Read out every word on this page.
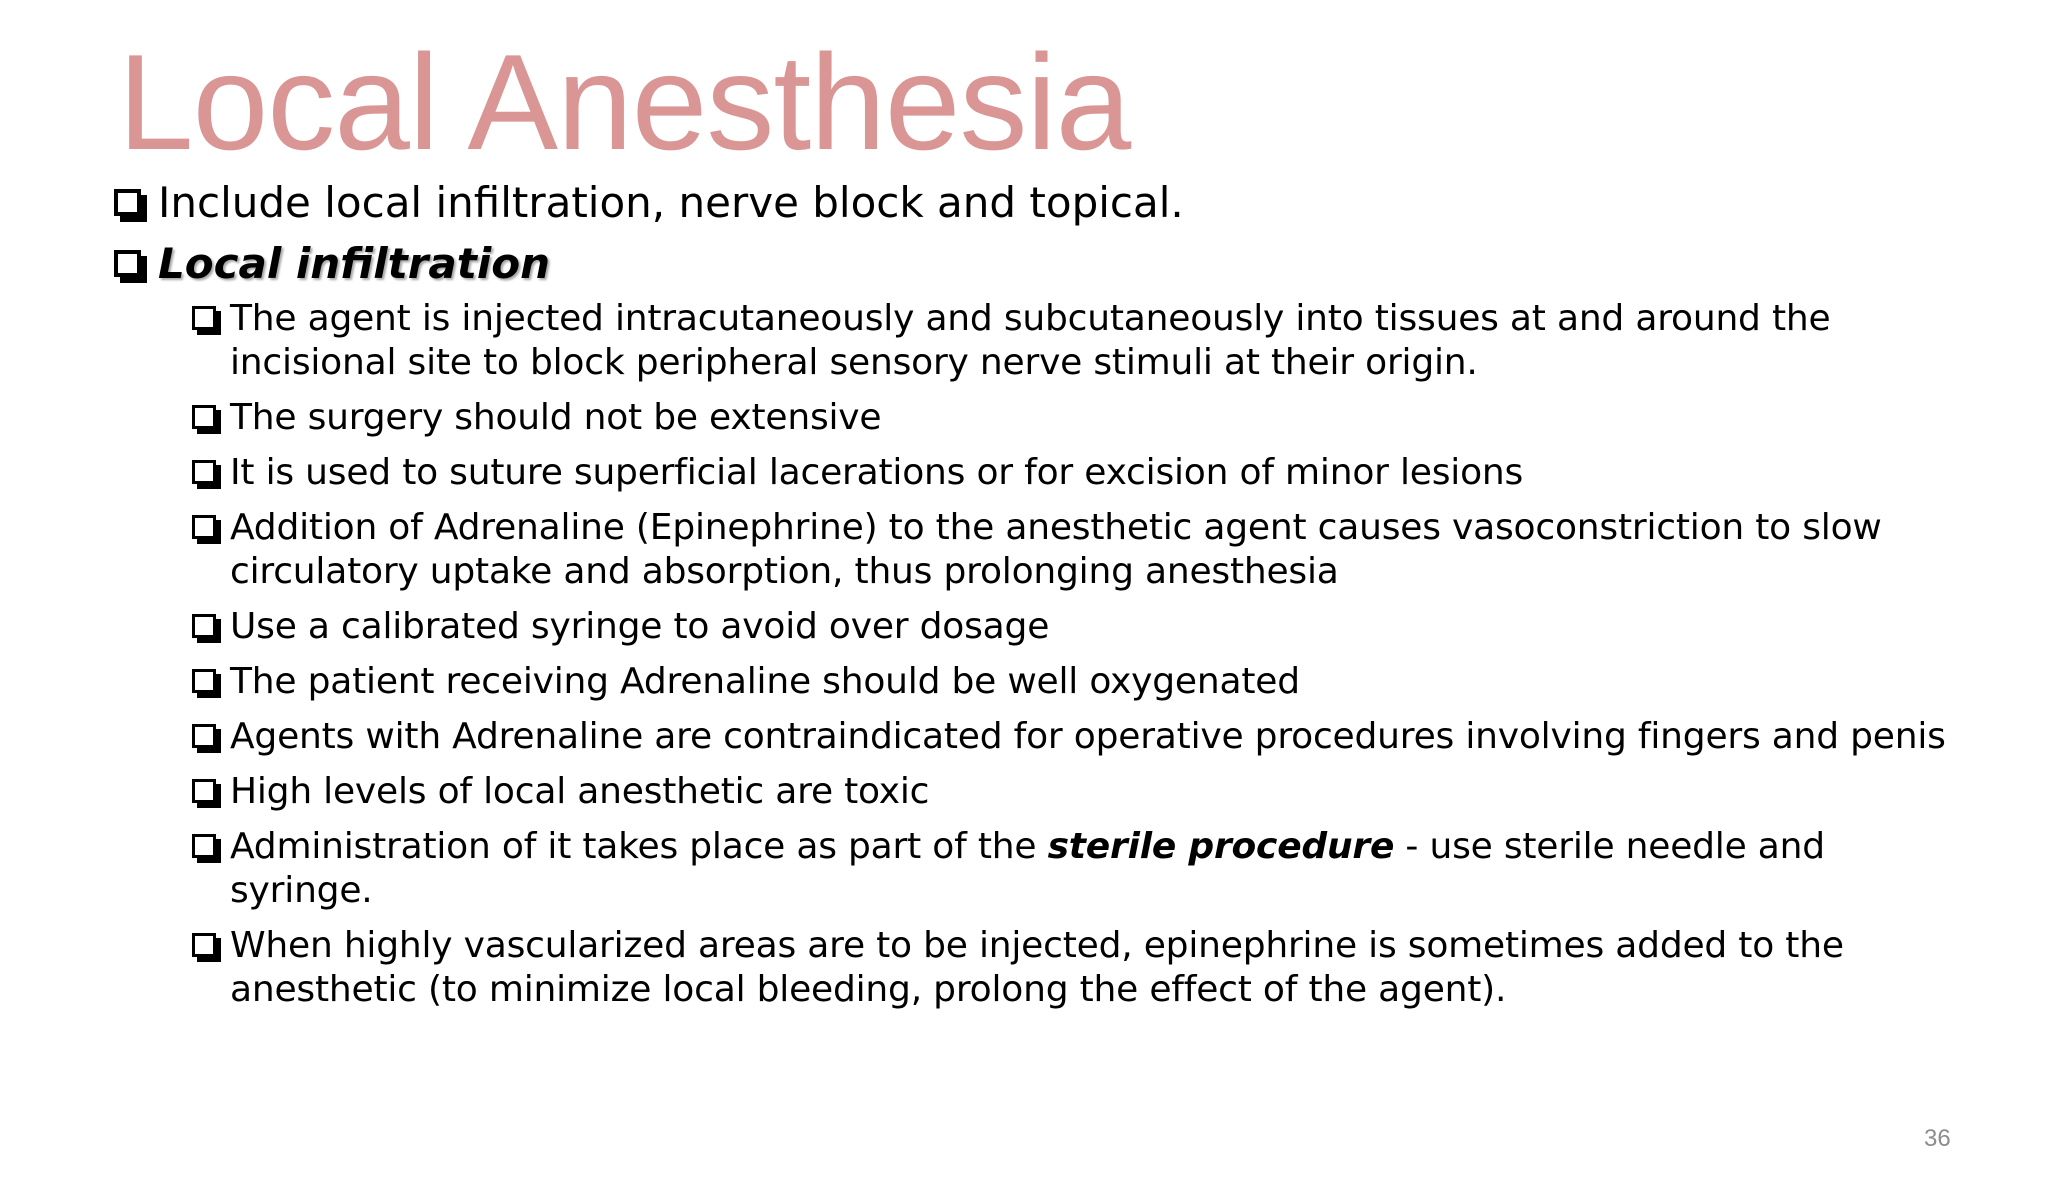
Local Anesthesia
Include local infiltration, nerve block and topical.
Local infiltration
The agent is injected intracutaneously and subcutaneously into tissues at and around the incisional site to block peripheral sensory nerve stimuli at their origin.
The surgery should not be extensive
It is used to suture superficial lacerations or for excision of minor lesions
Addition of Adrenaline (Epinephrine) to the anesthetic agent causes vasoconstriction to slow circulatory uptake and absorption, thus prolonging anesthesia
Use a calibrated syringe to avoid over dosage
The patient receiving Adrenaline should be well oxygenated
Agents with Adrenaline are contraindicated for operative procedures involving fingers and penis
High levels of local anesthetic are toxic
Administration of it takes place as part of the sterile procedure - use sterile needle and syringe.
When highly vascularized areas are to be injected, epinephrine is sometimes added to the anesthetic (to minimize local bleeding, prolong the effect of the agent).
36
